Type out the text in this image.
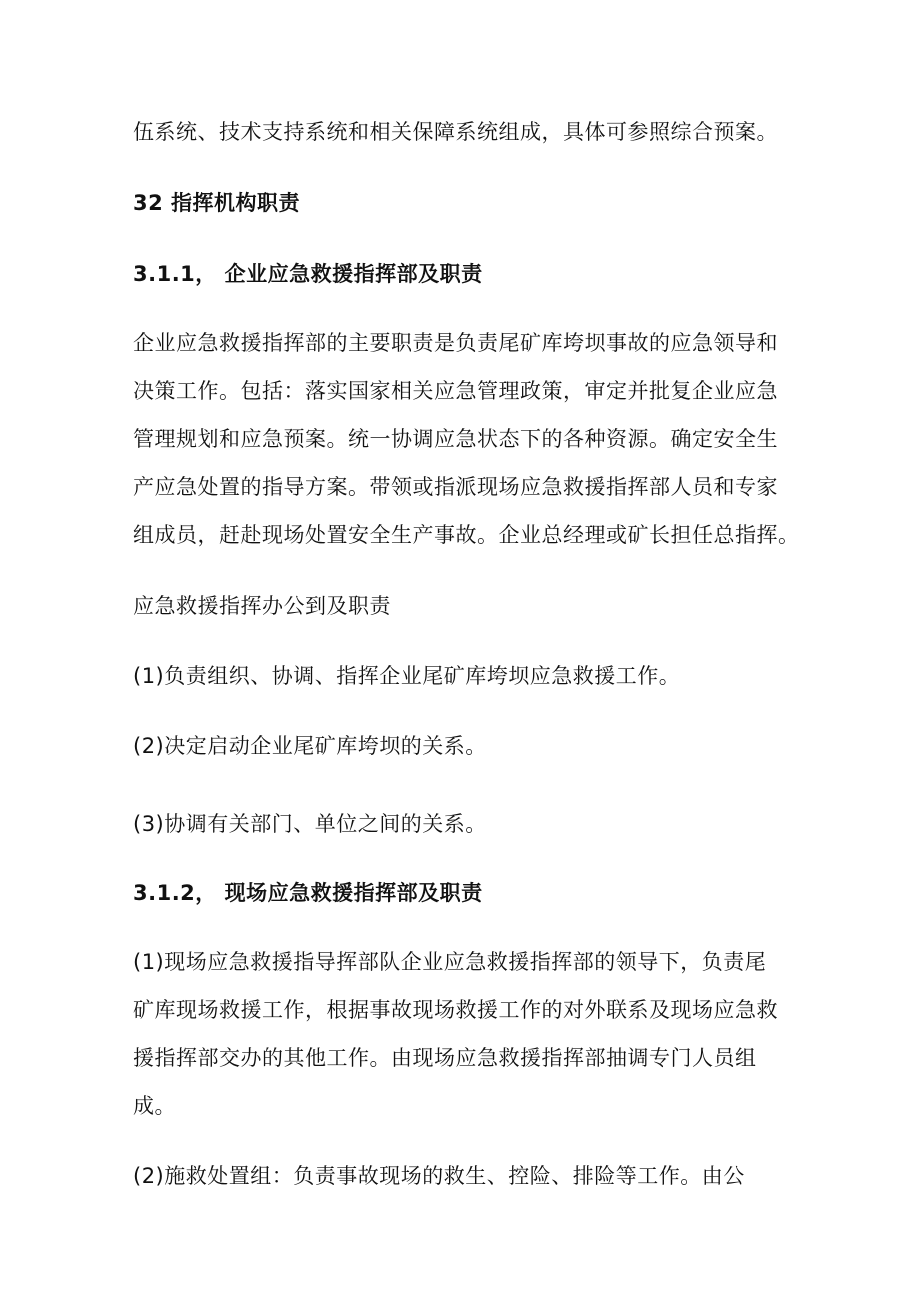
伍系统、技术支持系统和相关保障系统组成，具体可参照综合预案。
32 指挥机构职责
3.1.1， 企业应急救援指挥部及职责
企业应急救援指挥部的主要职责是负责尾矿库垮坝事故的应急领导和
决策工作。包括：落实国家相关应急管理政策，审定并批复企业应急
管理规划和应急预案。统一协调应急状态下的各种资源。确定安全生
产应急处置的指导方案。带领或指派现场应急救援指挥部人员和专家
组成员，赶赴现场处置安全生产事故。企业总经理或矿长担任总指挥。
应急救援指挥办公到及职责
(1)负责组织、协调、指挥企业尾矿库垮坝应急救援工作。
(2)决定启动企业尾矿库垮坝的关系。
(3)协调有关部门、单位之间的关系。
3.1.2， 现场应急救援指挥部及职责
(1)现场应急救援指导挥部队企业应急救援指挥部的领导下，负责尾
矿库现场救援工作，根据事故现场救援工作的对外联系及现场应急救
援指挥部交办的其他工作。由现场应急救援指挥部抽调专门人员组
成。
(2)施救处置组：负责事故现场的救生、控险、排险等工作。由公
